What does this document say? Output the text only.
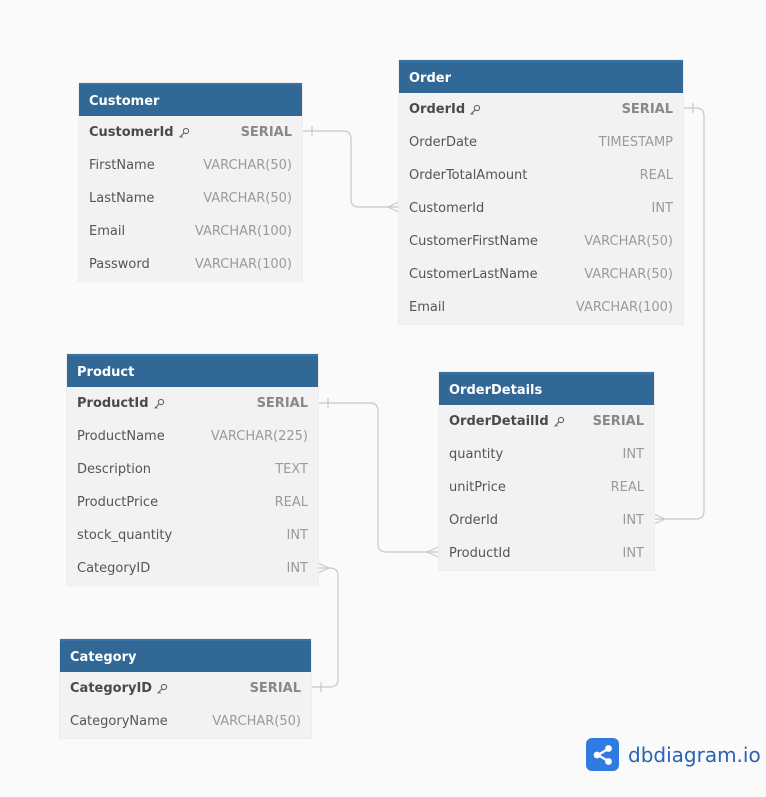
Customer
CustomerId	SERIAL
FirstName	VARCHAR(50)
LastName	VARCHAR(50)
Email	VARCHAR(100)
Password	VARCHAR(100)
Order
OrderId	SERIAL
OrderDate	TIMESTAMP
OrderTotalAmount	REAL
CustomerId	INT
CustomerFirstName	VARCHAR(50)
CustomerLastName	VARCHAR(50)
Email	VARCHAR(100)
Product
ProductId	SERIAL
ProductName	VARCHAR(225)
Description	TEXT
ProductPrice	REAL
stock_quantity	INT
CategoryID	INT
OrderDetails
OrderDetailId	SERIAL
quantity	INT
unitPrice	REAL
OrderId	INT
ProductId	INT
Category
CategoryID	SERIAL
CategoryName	VARCHAR(50)
dbdiagram.io
